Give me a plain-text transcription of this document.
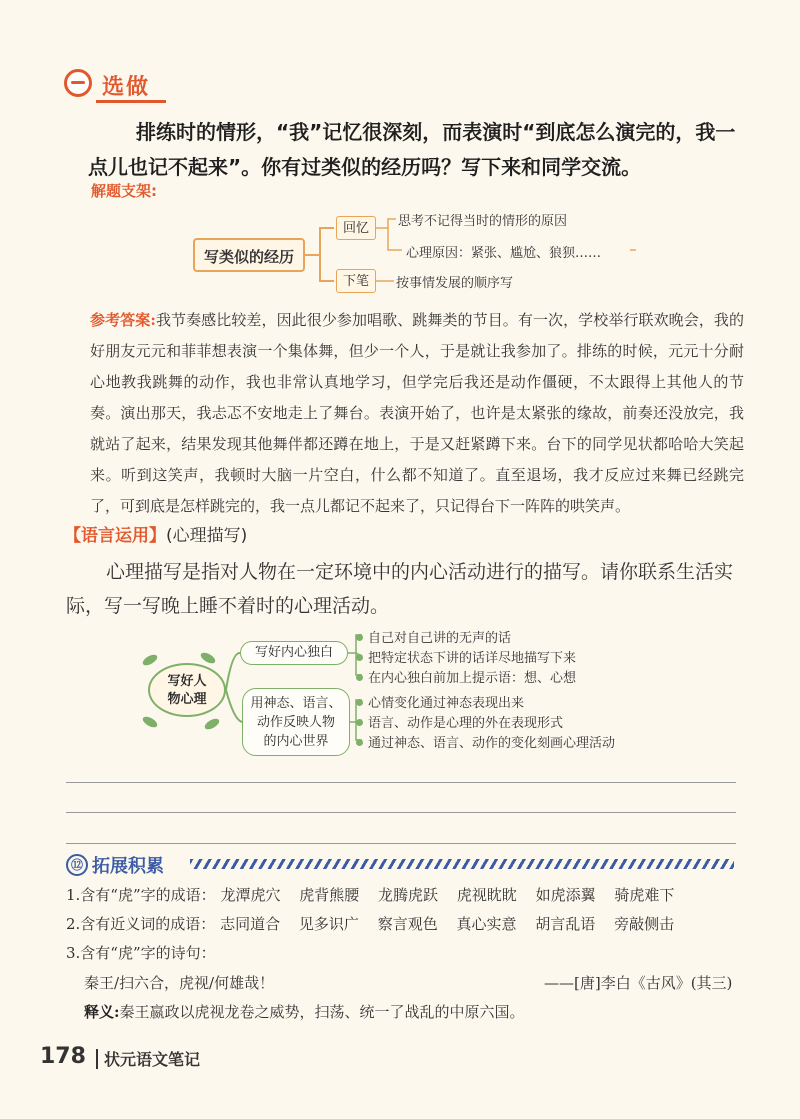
选做
排练时的情形，“我”记忆很深刻，而表演时“到底怎么演完的，我一点儿也记不起来”。你有过类似的经历吗？写下来和同学交流。
解题支架:
写类似的经历
回忆
下笔
思考不记得当时的情形的原因
心理原因：紧张、尴尬、狼狈……
按事情发展的顺序写
参考答案:我节奏感比较差，因此很少参加唱歌、跳舞类的节目。有一次，学校举行联欢晚会，我的好朋友元元和菲菲想表演一个集体舞，但少一个人，于是就让我参加了。排练的时候，元元十分耐心地教我跳舞的动作，我也非常认真地学习，但学完后我还是动作僵硬，不太跟得上其他人的节奏。演出那天，我忐忑不安地走上了舞台。表演开始了，也许是太紧张的缘故，前奏还没放完，我就站了起来，结果发现其他舞伴都还蹲在地上，于是又赶紧蹲下来。台下的同学见状都哈哈大笑起来。听到这笑声，我顿时大脑一片空白，什么都不知道了。直至退场，我才反应过来舞已经跳完了，可到底是怎样跳完的，我一点儿都记不起来了，只记得台下一阵阵的哄笑声。
【语言运用】(心理描写)
心理描写是指对人物在一定环境中的内心活动进行的描写。请你联系生活实际，写一写晚上睡不着时的心理活动。
写好人
物心理
写好内心独白
用神态、语言、
动作反映人物
的内心世界
自己对自己讲的无声的话
把特定状态下讲的话详尽地描写下来
在内心独白前加上提示语：想、心想
心情变化通过神态表现出来
语言、动作是心理的外在表现形式
通过神态、语言、动作的变化刻画心理活动
⑫ 拓展积累
1.含有“虎”字的成语： 龙潭虎穴 虎背熊腰 龙腾虎跃 虎视眈眈 如虎添翼 骑虎难下
2.含有近义词的成语： 志同道合 见多识广 察言观色 真心实意 胡言乱语 旁敲侧击
3.含有“虎”字的诗句：
秦王/扫六合，虎视/何雄哉！	——[唐]李白《古风》(其三)
释义:秦王嬴政以虎视龙卷之威势，扫荡、统一了战乱的中原六国。
178 状元语文笔记
